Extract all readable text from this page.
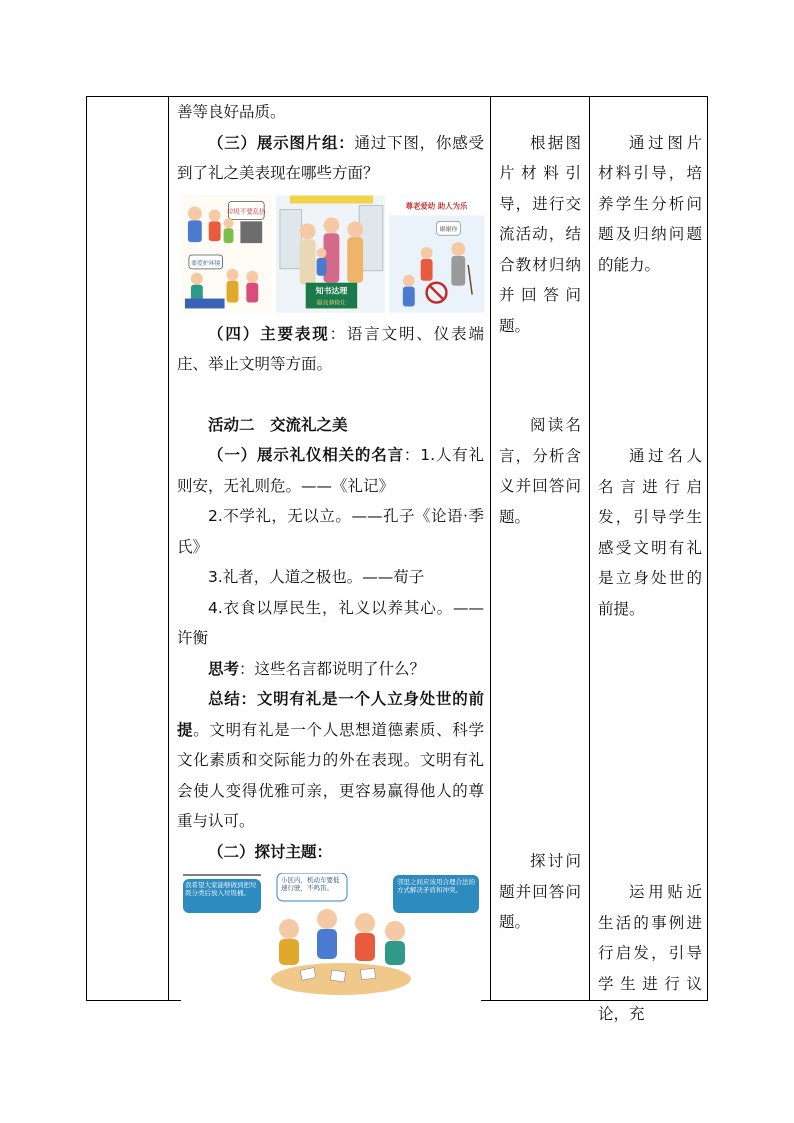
善等良好品质。

（三）展示图片组：通过下图，你感受到了礼之美表现在哪些方面？

垃圾不要乱扔
要爱护环境
知书达理
温良恭俭让
尊老爱幼 助人为乐
谢谢你

（四）主要表现：语言文明、仪表端庄、举止文明等方面。

活动二　交流礼之美

（一）展示礼仪相关的名言：1.人有礼则安，无礼则危。——《礼记》

2.不学礼，无以立。——孔子《论语·季氏》

3.礼者，人道之极也。——荀子

4.衣食以厚民生，礼义以养其心。——许衡

思考：这些名言都说明了什么？

总结：文明有礼是一个人立身处世的前提。文明有礼是一个人思想道德素质、科学文化素质和交际能力的外在表现。文明有礼会使人变得优雅可亲，更容易赢得他人的尊重与认可。

（二）探讨主题：

我希望大家能够做到把垃圾分类后放入垃圾桶。
小区内，机动车要低速行驶，不鸣笛。
邻里之间应该用合理合法的方式解决矛盾和冲突。

根据图片材料引导，进行交流活动，结合教材归纳并回答问题。

阅读名言，分析含义并回答问题。

探讨问题并回答问题。

通过图片材料引导，培养学生分析问题及归纳问题的能力。

通过名人名言进行启发，引导学生感受文明有礼是立身处世的前提。

运用贴近生活的事例进行启发，引导学生进行议论，充
